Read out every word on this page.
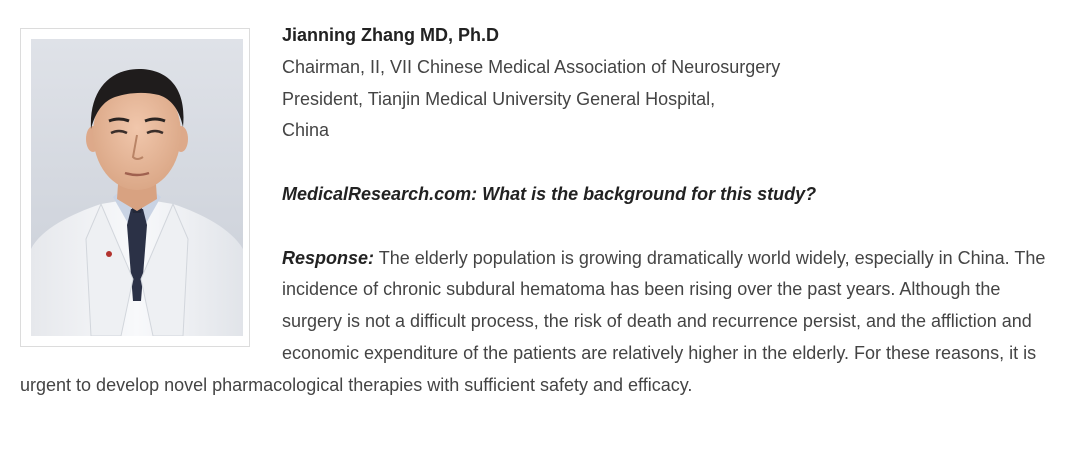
Jianning Zhang MD, Ph.D
Chairman, II, VII Chinese Medical Association of Neurosurgery
President, Tianjin Medical University General Hospital,
China

MedicalResearch.com: What is the background for this study?

Response: The elderly population is growing dramatically world widely, especially in China. The incidence of chronic subdural hematoma has been rising over the past years. Although the surgery is not a difficult process, the risk of death and recurrence persist, and the affliction and economic expenditure of the patients are relatively higher in the elderly. For these reasons, it is urgent to develop novel pharmacological therapies with sufficient safety and efficacy.
